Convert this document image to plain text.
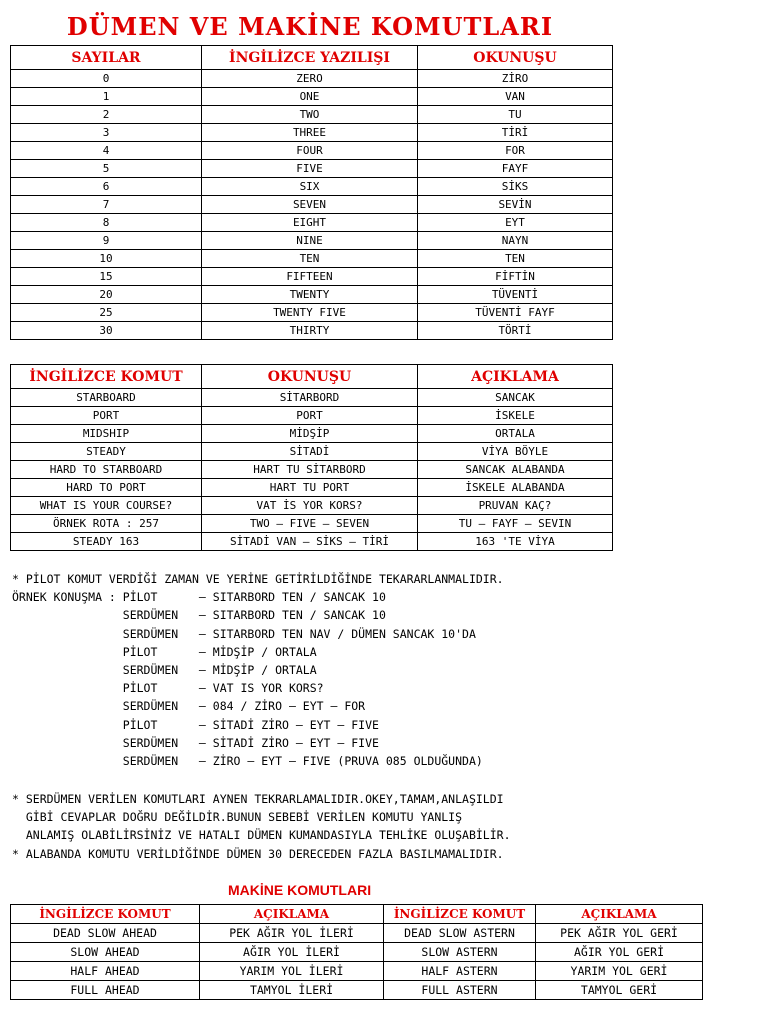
DÜMEN VE MAKİNE KOMUTLARI
SAYILAR	İNGİLİZCE YAZILIŞI	OKUNUŞU
0	ZERO	ZİRO
1	ONE	VAN
2	TWO	TU
3	THREE	TİRİ
4	FOUR	FOR
5	FIVE	FAYF
6	SIX	SİKS
7	SEVEN	SEVİN
8	EIGHT	EYT
9	NINE	NAYN
10	TEN	TEN
15	FIFTEEN	FİFTİN
20	TWENTY	TÜVENTİ
25	TWENTY FIVE	TÜVENTİ FAYF
30	THIRTY	TÖRTİ
İNGİLİZCE KOMUT	OKUNUŞU	AÇIKLAMA
STARBOARD	SİTARBORD	SANCAK
PORT	PORT	İSKELE
MIDSHIP	MİDŞİP	ORTALA
STEADY	SİTADİ	VİYA BÖYLE
HARD TO STARBOARD	HART TU SİTARBORD	SANCAK ALABANDA
HARD TO PORT	HART TU PORT	İSKELE ALABANDA
WHAT IS YOUR COURSE?	VAT İS YOR KORS?	PRUVAN KAÇ?
ÖRNEK ROTA : 257	TWO – FIVE – SEVEN	TU – FAYF – SEVIN
STEADY 163	SİTADİ VAN – SİKS – TİRİ	163 'TE VİYA
* PİLOT KOMUT VERDİĞİ ZAMAN VE YERİNE GETİRİLDİĞİNDE TEKARARLANMALIDIR.
ÖRNEK KONUŞMA : PİLOT      – SITARBORD TEN / SANCAK 10
SERDÜMEN   – SITARBORD TEN / SANCAK 10
SERDÜMEN   – SITARBORD TEN NAV / DÜMEN SANCAK 10'DA
PİLOT      – MİDŞİP / ORTALA
SERDÜMEN   – MİDŞİP / ORTALA
PİLOT      – VAT IS YOR KORS?
SERDÜMEN   – 084 / ZİRO – EYT – FOR
PİLOT      – SİTADİ ZİRO – EYT – FIVE
SERDÜMEN   – SİTADİ ZİRO – EYT – FIVE
SERDÜMEN   – ZİRO – EYT – FIVE (PRUVA 085 OLDUĞUNDA)
* SERDÜMEN VERİLEN KOMUTLARI AYNEN TEKRARLAMALIDIR.OKEY,TAMAM,ANLAŞILDI
GİBİ CEVAPLAR DOĞRU DEĞİLDİR.BUNUN SEBEBİ VERİLEN KOMUTU YANLIŞ
ANLAMIŞ OLABİLİRSİNİZ VE HATALI DÜMEN KUMANDASIYLA TEHLİKE OLUŞABİLİR.
* ALABANDA KOMUTU VERİLDİĞİNDE DÜMEN 30 DERECEDEN FAZLA BASILMAMALIDIR.
MAKİNE KOMUTLARI
İNGİLİZCE KOMUT	AÇIKLAMA	İNGİLİZCE KOMUT	AÇIKLAMA
DEAD SLOW AHEAD	PEK AĞIR YOL İLERİ	DEAD SLOW ASTERN	PEK AĞIR YOL GERİ
SLOW AHEAD	AĞIR YOL İLERİ	SLOW ASTERN	AĞIR YOL GERİ
HALF AHEAD	YARIM YOL İLERİ	HALF ASTERN	YARIM YOL GERİ
FULL AHEAD	TAMYOL İLERİ	FULL ASTERN	TAMYOL GERİ
